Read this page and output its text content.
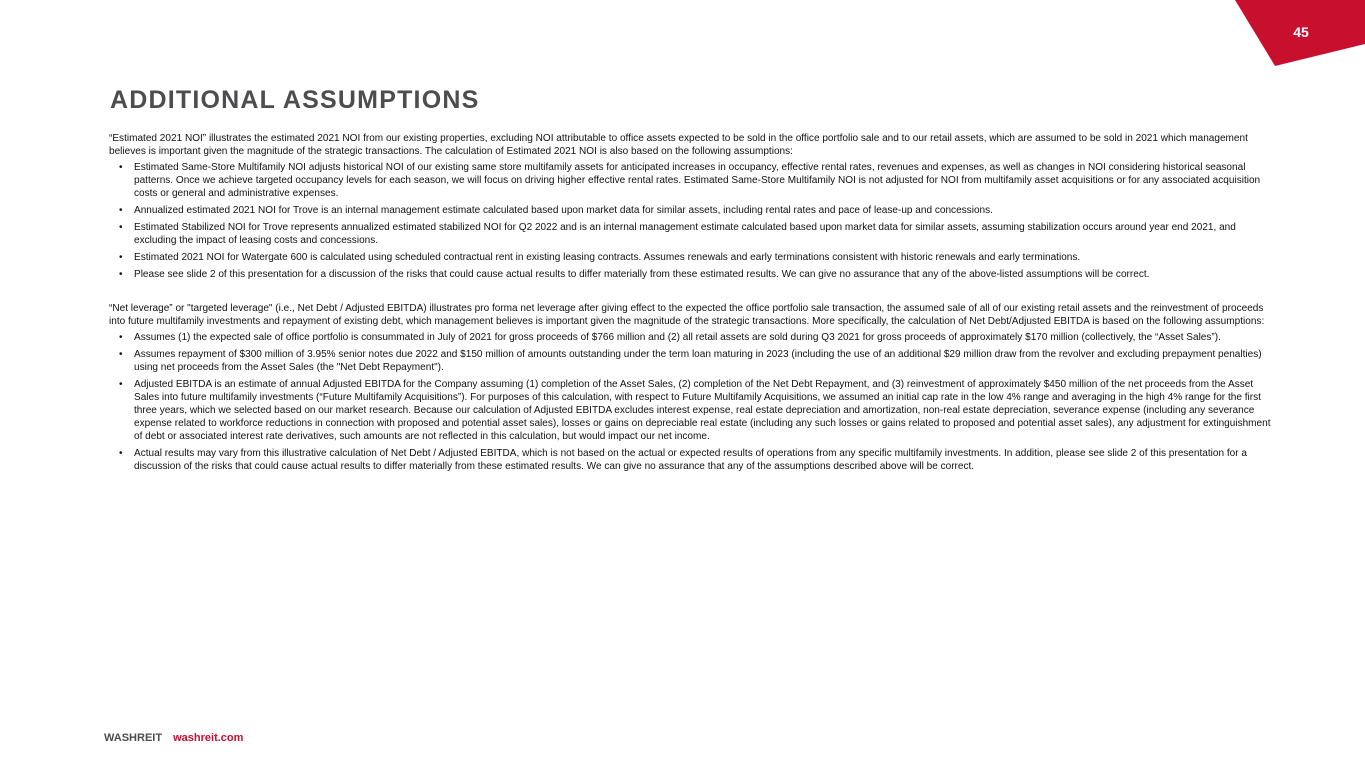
45
ADDITIONAL ASSUMPTIONS

“Estimated 2021 NOI” illustrates the estimated 2021 NOI from our existing properties, excluding NOI attributable to office assets expected to be sold in the office portfolio sale and to our retail assets, which are assumed to be sold in 2021 which management believes is important given the magnitude of the strategic transactions. The calculation of Estimated 2021 NOI is also based on the following assumptions:

• Estimated Same-Store Multifamily NOI adjusts historical NOI of our existing same store multifamily assets for anticipated increases in occupancy, effective rental rates, revenues and expenses, as well as changes in NOI considering historical seasonal patterns. Once we achieve targeted occupancy levels for each season, we will focus on driving higher effective rental rates. Estimated Same-Store Multifamily NOI is not adjusted for NOI from multifamily asset acquisitions or for any associated acquisition costs or general and administrative expenses.
• Annualized estimated 2021 NOI for Trove is an internal management estimate calculated based upon market data for similar assets, including rental rates and pace of lease-up and concessions.
• Estimated Stabilized NOI for Trove represents annualized estimated stabilized NOI for Q2 2022 and is an internal management estimate calculated based upon market data for similar assets, assuming stabilization occurs around year end 2021, and excluding the impact of leasing costs and concessions.
• Estimated 2021 NOI for Watergate 600 is calculated using scheduled contractual rent in existing leasing contracts. Assumes renewals and early terminations consistent with historic renewals and early terminations.
• Please see slide 2 of this presentation for a discussion of the risks that could cause actual results to differ materially from these estimated results. We can give no assurance that any of the above-listed assumptions will be correct.

“Net leverage” or "targeted leverage" (i.e., Net Debt / Adjusted EBITDA) illustrates pro forma net leverage after giving effect to the expected the office portfolio sale transaction, the assumed sale of all of our existing retail assets and the reinvestment of proceeds into future multifamily investments and repayment of existing debt, which management believes is important given the magnitude of the strategic transactions. More specifically, the calculation of Net Debt/Adjusted EBITDA is based on the following assumptions:

• Assumes (1) the expected sale of office portfolio is consummated in July of 2021 for gross proceeds of $766 million and (2) all retail assets are sold during Q3 2021 for gross proceeds of approximately $170 million (collectively, the “Asset Sales”).
• Assumes repayment of $300 million of 3.95% senior notes due 2022 and $150 million of amounts outstanding under the term loan maturing in 2023 (including the use of an additional $29 million draw from the revolver and excluding prepayment penalties) using net proceeds from the Asset Sales (the "Net Debt Repayment").
• Adjusted EBITDA is an estimate of annual Adjusted EBITDA for the Company assuming (1) completion of the Asset Sales, (2) completion of the Net Debt Repayment, and (3) reinvestment of approximately $450 million of the net proceeds from the Asset Sales into future multifamily investments (“Future Multifamily Acquisitions”). For purposes of this calculation, with respect to Future Multifamily Acquisitions, we assumed an initial cap rate in the low 4% range and averaging in the high 4% range for the first three years, which we selected based on our market research. Because our calculation of Adjusted EBITDA excludes interest expense, real estate depreciation and amortization, non-real estate depreciation, severance expense (including any severance expense related to workforce reductions in connection with proposed and potential asset sales), losses or gains on depreciable real estate (including any such losses or gains related to proposed and potential asset sales), any adjustment for extinguishment of debt or associated interest rate derivatives, such amounts are not reflected in this calculation, but would impact our net income.
• Actual results may vary from this illustrative calculation of Net Debt / Adjusted EBITDA, which is not based on the actual or expected results of operations from any specific multifamily investments. In addition, please see slide 2 of this presentation for a discussion of the risks that could cause actual results to differ materially from these estimated results. We can give no assurance that any of the assumptions described above will be correct.
WASHREIT washreit.com
